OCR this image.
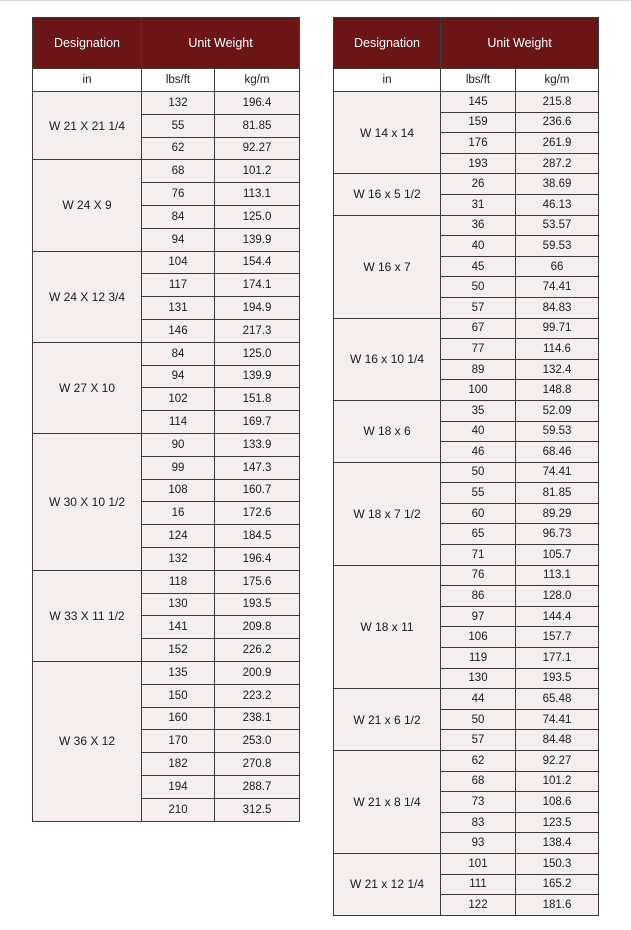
Designation	Unit Weight	
in	lbs/ft	kg/m
W 21 X 21 1/4	132	196.4
	55	81.85
	62	92.27
W 24 X 9	68	101.2
	76	113.1
	84	125.0
	94	139.9
W 24 X 12 3/4	104	154.4
	117	174.1
	131	194.9
	146	217.3
W 27 X 10	84	125.0
	94	139.9
	102	151.8
	114	169.7
W 30 X 10 1/2	90	133.9
	99	147.3
	108	160.7
	16	172.6
	124	184.5
	132	196.4
W 33 X 11 1/2	118	175.6
	130	193.5
	141	209.8
	152	226.2
W 36 X 12	135	200.9
	150	223.2
	160	238.1
	170	253.0
	182	270.8
	194	288.7
	210	312.5
Designation	Unit Weight	
in	lbs/ft	kg/m
W 14 x 14	145	215.8
	159	236.6
	176	261.9
	193	287.2
W 16 x 5 1/2	26	38.69
	31	46.13
W 16 x 7	36	53.57
	40	59.53
	45	66
	50	74.41
	57	84.83
W 16 x 10 1/4	67	99.71
	77	114.6
	89	132.4
	100	148.8
W 18 x 6	35	52.09
	40	59.53
	46	68.46
W 18 x 7 1/2	50	74.41
	55	81.85
	60	89.29
	65	96.73
	71	105.7
W 18 x 11	76	113.1
	86	128.0
	97	144.4
	106	157.7
	119	177.1
	130	193.5
W 21 x 6 1/2	44	65.48
	50	74.41
	57	84.48
W 21 x 8 1/4	62	92.27
	68	101.2
	73	108.6
	83	123.5
	93	138.4
W 21 x 12 1/4	101	150.3
	111	165.2
	122	181.6
